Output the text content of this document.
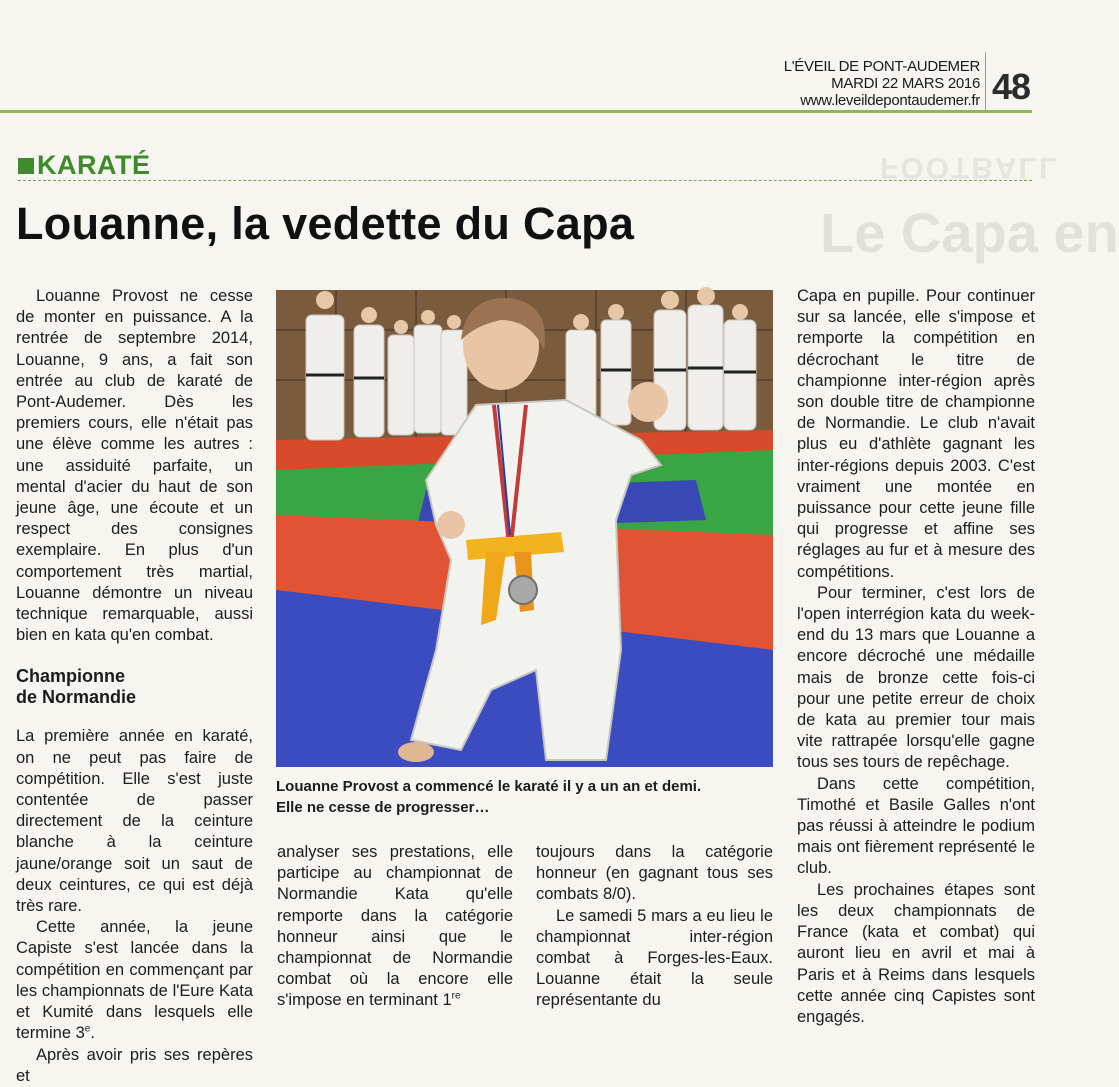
FOOTBALL
Le Capa en
L'ÉVEIL DE PONT-AUDEMER
MARDI 22 MARS 2016
www.leveildepontaudemer.fr 48
KARATÉ
Louanne, la vedette du Capa

Louanne Provost ne cesse de monter en puissance. A la rentrée de septembre 2014, Louanne, 9 ans, a fait son entrée au club de karaté de Pont-Audemer. Dès les premiers cours, elle n'était pas une élève comme les autres : une assiduité parfaite, un mental d'acier du haut de son jeune âge, une écoute et un respect des consignes exemplaire. En plus d'un comportement très martial, Louanne démontre un niveau technique remarquable, aussi bien en kata qu'en combat.

Championne
de Normandie

La première année en karaté, on ne peut pas faire de compétition. Elle s'est juste contentée de passer directement de la ceinture blanche à la ceinture jaune/orange soit un saut de deux ceintures, ce qui est déjà très rare.

Cette année, la jeune Capiste s'est lancée dans la compétition en commençant par les championnats de l'Eure Kata et Kumité dans lesquels elle termine 3e.

Après avoir pris ses repères et

Louanne Provost a commencé le karaté il y a un an et demi.
Elle ne cesse de progresser…

analyser ses prestations, elle participe au championnat de Normandie Kata qu'elle remporte dans la catégorie honneur ainsi que le championnat de Normandie combat où la encore elle s'impose en terminant 1re

toujours dans la catégorie honneur (en gagnant tous ses combats 8/0).

Le samedi 5 mars a eu lieu le championnat inter-région combat à Forges-les-Eaux. Louanne était la seule représentante du

Capa en pupille. Pour continuer sur sa lancée, elle s'impose et remporte la compétition en décrochant le titre de championne inter-région après son double titre de championne de Normandie. Le club n'avait plus eu d'athlète gagnant les inter-régions depuis 2003. C'est vraiment une montée en puissance pour cette jeune fille qui progresse et affine ses réglages au fur et à mesure des compétitions.

Pour terminer, c'est lors de l'open interrégion kata du week-end du 13 mars que Louanne a encore décroché une médaille mais de bronze cette fois-ci pour une petite erreur de choix de kata au premier tour mais vite rattrapée lorsqu'elle gagne tous ses tours de repêchage.

Dans cette compétition, Timothé et Basile Galles n'ont pas réussi à atteindre le podium mais ont fièrement représenté le club.

Les prochaines étapes sont les deux championnats de France (kata et combat) qui auront lieu en avril et mai à Paris et à Reims dans lesquels cette année cinq Capistes sont engagés.
